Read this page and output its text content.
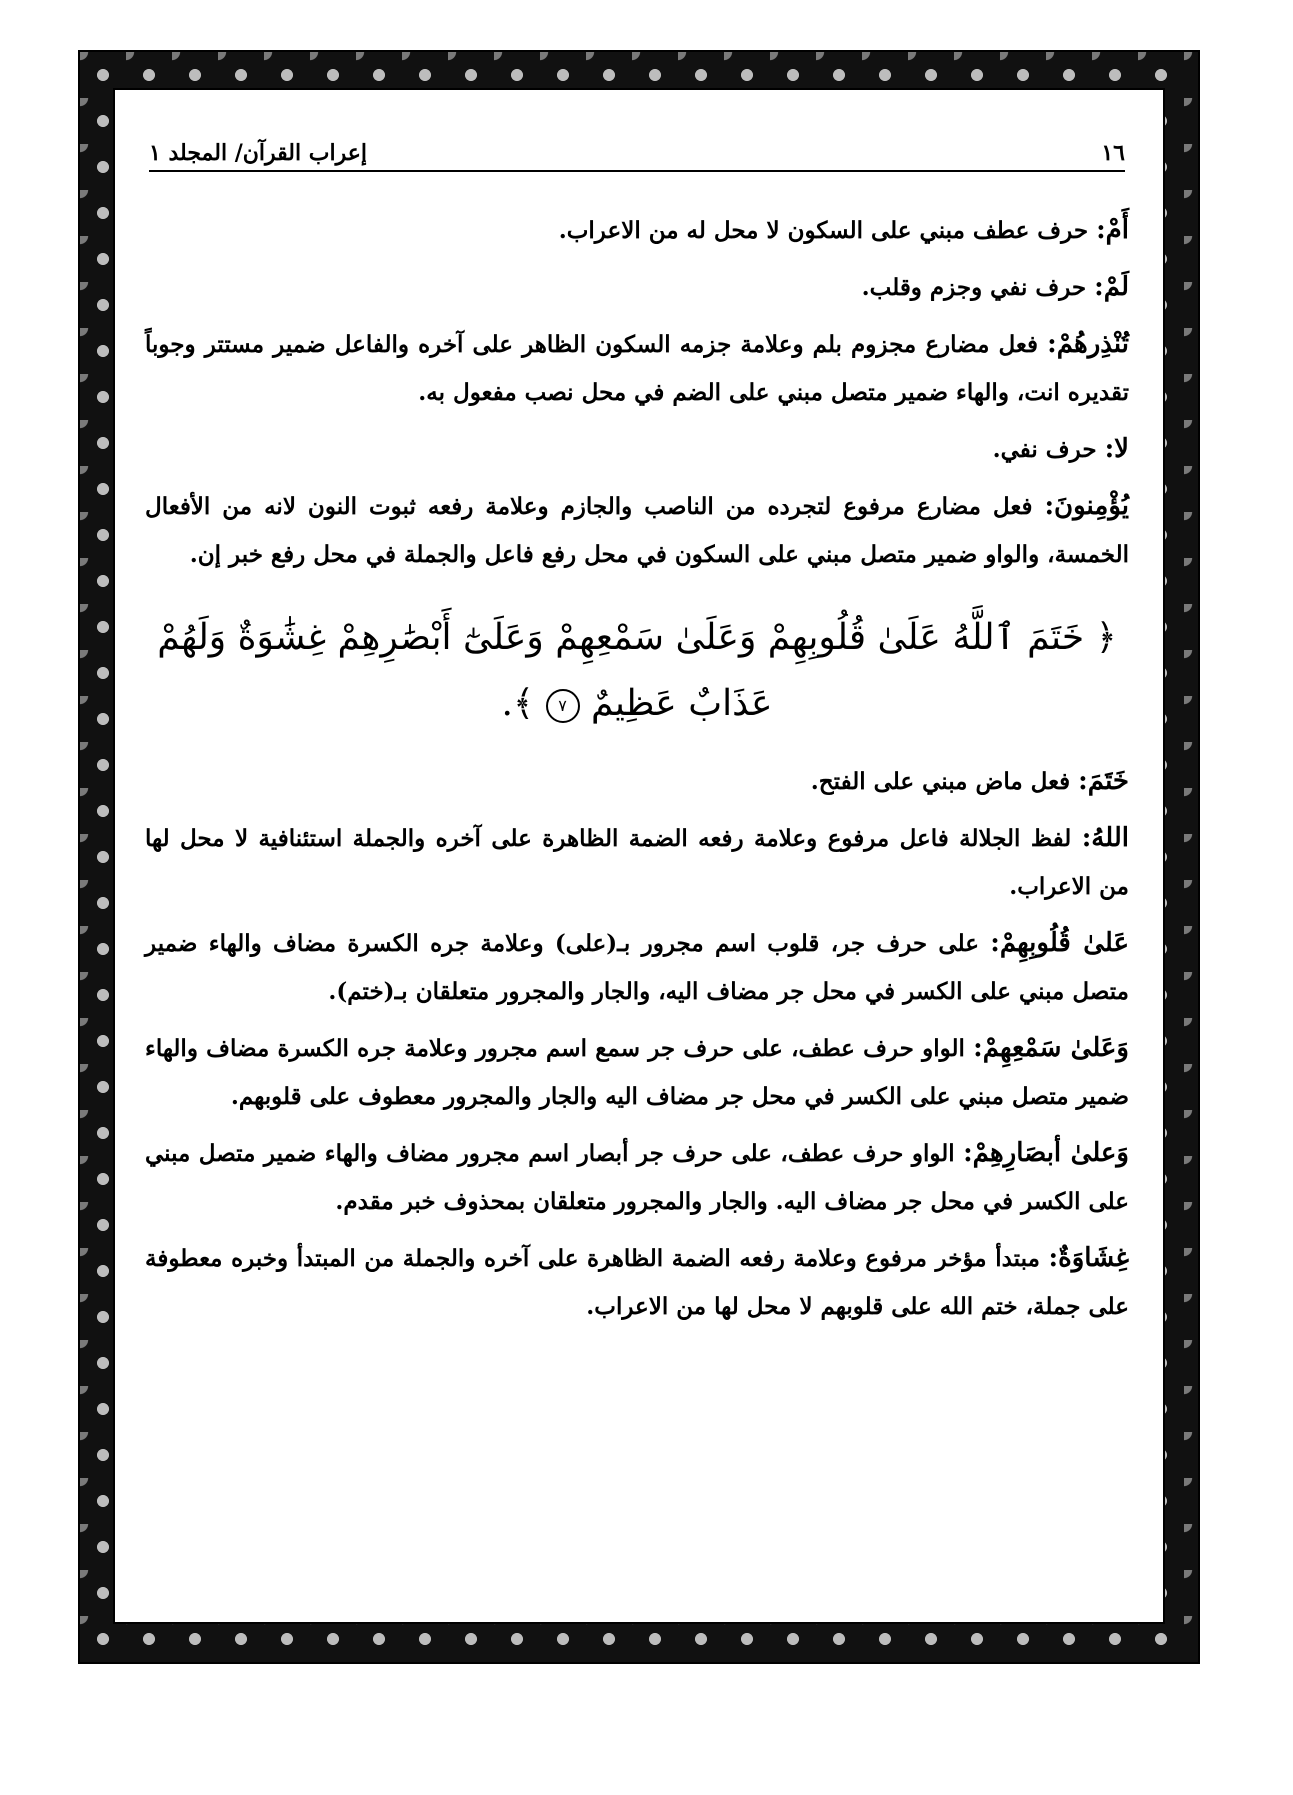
١٦
إعراب القرآن/ المجلد ١

أَمْ: حرف عطف مبني على السكون لا محل له من الاعراب.

لَمْ: حرف نفي وجزم وقلب.

تُنْذِرهُمْ: فعل مضارع مجزوم بلم وعلامة جزمه السكون الظاهر على آخره والفاعل ضمير مستتر وجوباً تقديره انت، والهاء ضمير متصل مبني على الضم في محل نصب مفعول به.

لا: حرف نفي.

يُؤْمِنونَ: فعل مضارع مرفوع لتجرده من الناصب والجازم وعلامة رفعه ثبوت النون لانه من الأفعال الخمسة، والواو ضمير متصل مبني على السكون في محل رفع فاعل والجملة في محل رفع خبر إن.

﴿ خَتَمَ ٱللَّهُ عَلَىٰ قُلُوبِهِمْ وَعَلَىٰ سَمْعِهِمْ وَعَلَىٰٓ أَبْصَٰرِهِمْ غِشَٰوَةٌ وَلَهُمْ عَذَابٌ عَظِيمٌ ٧ ﴾.

خَتَمَ: فعل ماض مبني على الفتح.

اللهُ: لفظ الجلالة فاعل مرفوع وعلامة رفعه الضمة الظاهرة على آخره والجملة استئنافية لا محل لها من الاعراب.

عَلىٰ قُلُوبِهِمْ: على حرف جر، قلوب اسم مجرور بـ(على) وعلامة جره الكسرة مضاف والهاء ضمير متصل مبني على الكسر في محل جر مضاف اليه، والجار والمجرور متعلقان بـ(ختم).

وَعَلىٰ سَمْعِهِمْ: الواو حرف عطف، على حرف جر سمع اسم مجرور وعلامة جره الكسرة مضاف والهاء ضمير متصل مبني على الكسر في محل جر مضاف اليه والجار والمجرور معطوف على قلوبهم.

وَعلىٰ أبصَارِهِمْ: الواو حرف عطف، على حرف جر أبصار اسم مجرور مضاف والهاء ضمير متصل مبني على الكسر في محل جر مضاف اليه. والجار والمجرور متعلقان بمحذوف خبر مقدم.

غِشَاوَةٌ: مبتدأ مؤخر مرفوع وعلامة رفعه الضمة الظاهرة على آخره والجملة من المبتدأ وخبره معطوفة على جملة، ختم الله على قلوبهم لا محل لها من الاعراب.
